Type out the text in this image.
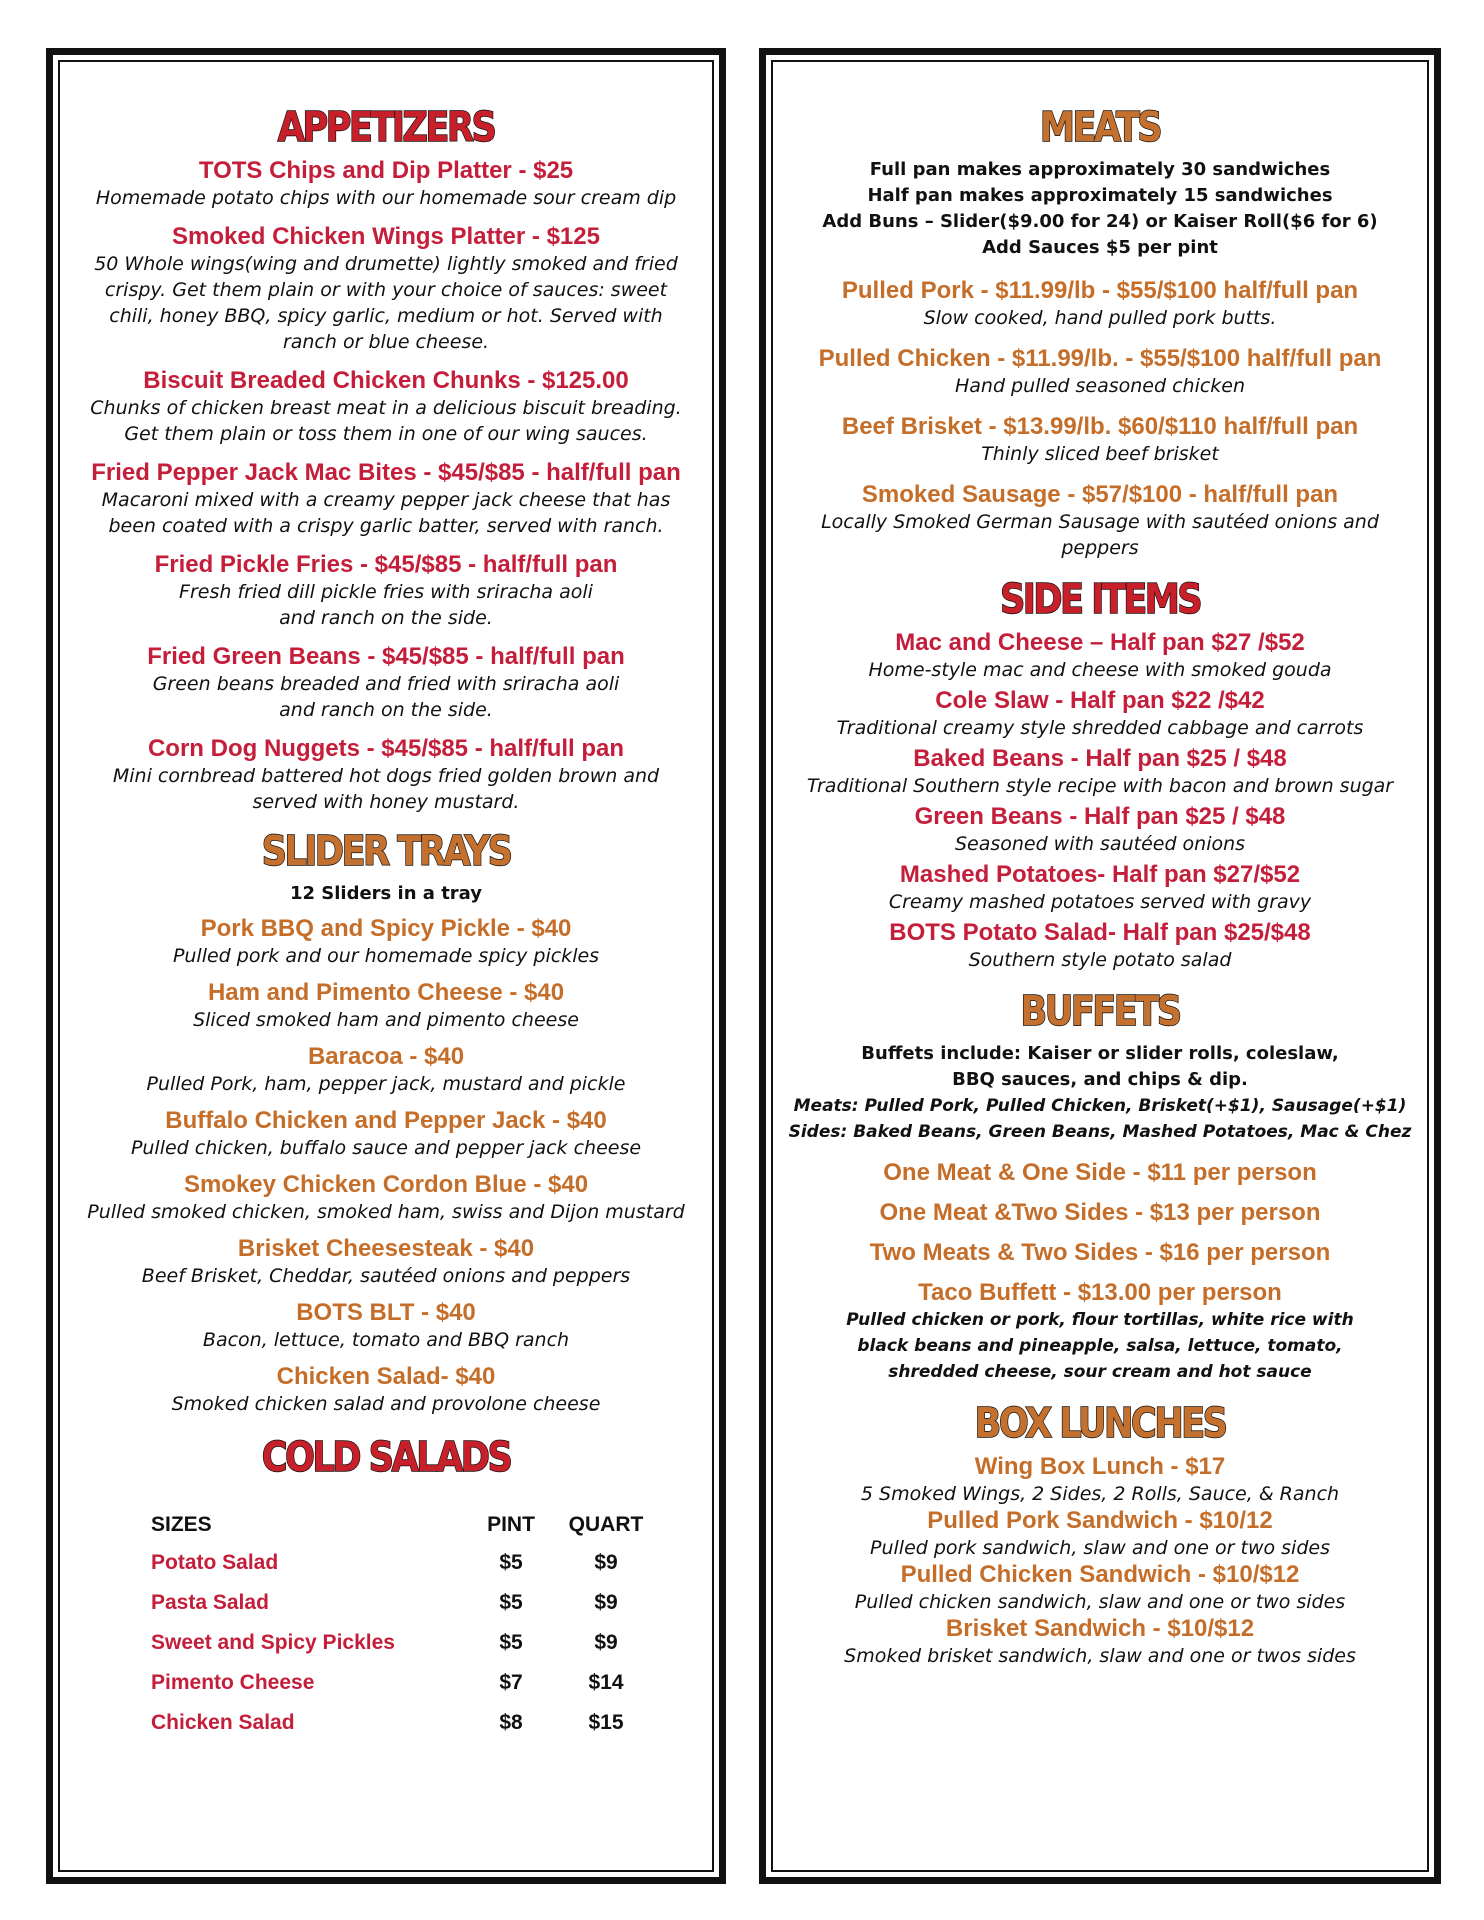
APPETIZERS
TOTS Chips and Dip Platter - $25
Homemade potato chips with our homemade sour cream dip
Smoked Chicken Wings Platter - $125
50 Whole wings(wing and drumette) lightly smoked and fried
crispy. Get them plain or with your choice of sauces: sweet
chili, honey BBQ, spicy garlic, medium or hot. Served with
ranch or blue cheese.
Biscuit Breaded Chicken Chunks - $125.00
Chunks of chicken breast meat in a delicious biscuit breading.
Get them plain or toss them in one of our wing sauces.
Fried Pepper Jack Mac Bites - $45/$85 - half/full pan
Macaroni mixed with a creamy pepper jack cheese that has
been coated with a crispy garlic batter, served with ranch.
Fried Pickle Fries - $45/$85 - half/full pan
Fresh fried dill pickle fries with sriracha aoli
and ranch on the side.
Fried Green Beans - $45/$85 - half/full pan
Green beans breaded and fried with sriracha aoli
and ranch on the side.
Corn Dog Nuggets - $45/$85 - half/full pan
Mini cornbread battered hot dogs fried golden brown and
served with honey mustard.
SLIDER TRAYS
12 Sliders in a tray
Pork BBQ and Spicy Pickle - $40
Pulled pork and our homemade spicy pickles
Ham and Pimento Cheese - $40
Sliced smoked ham and pimento cheese
Baracoa - $40
Pulled Pork, ham, pepper jack, mustard and pickle
Buffalo Chicken and Pepper Jack - $40
Pulled chicken, buffalo sauce and pepper jack cheese
Smokey Chicken Cordon Blue - $40
Pulled smoked chicken, smoked ham, swiss and Dijon mustard
Brisket Cheesesteak - $40
Beef Brisket, Cheddar, sautéed onions and peppers
BOTS BLT - $40
Bacon, lettuce, tomato and BBQ ranch
Chicken Salad- $40
Smoked chicken salad and provolone cheese
COLD SALADS
SIZES	PINT	QUART
Potato Salad	$5	$9
Pasta Salad	$5	$9
Sweet and Spicy Pickles	$5	$9
Pimento Cheese	$7	$14
Chicken Salad	$8	$15
MEATS
Full pan makes approximately 30 sandwiches
Half pan makes approximately 15 sandwiches
Add Buns – Slider($9.00 for 24) or Kaiser Roll($6 for 6)
Add Sauces $5 per pint
Pulled Pork - $11.99/lb - $55/$100 half/full pan
Slow cooked, hand pulled pork butts.
Pulled Chicken - $11.99/lb. - $55/$100 half/full pan
Hand pulled seasoned chicken
Beef Brisket - $13.99/lb. $60/$110 half/full pan
Thinly sliced beef brisket
Smoked Sausage - $57/$100 - half/full pan
Locally Smoked German Sausage with sautéed onions and
peppers
SIDE ITEMS
Mac and Cheese – Half pan $27 /$52
Home-style mac and cheese with smoked gouda
Cole Slaw - Half pan $22 /$42
Traditional creamy style shredded cabbage and carrots
Baked Beans - Half pan $25 / $48
Traditional Southern style recipe with bacon and brown sugar
Green Beans - Half pan $25 / $48
Seasoned with sautéed onions
Mashed Potatoes- Half pan $27/$52
Creamy mashed potatoes served with gravy
BOTS Potato Salad- Half pan $25/$48
Southern style potato salad
BUFFETS
Buffets include: Kaiser or slider rolls, coleslaw,
BBQ sauces, and chips & dip.
Meats: Pulled Pork, Pulled Chicken, Brisket(+$1), Sausage(+$1)
Sides: Baked Beans, Green Beans, Mashed Potatoes, Mac & Chez
One Meat & One Side - $11 per person
One Meat &Two Sides - $13 per person
Two Meats & Two Sides - $16 per person
Taco Buffett - $13.00 per person
Pulled chicken or pork, flour tortillas, white rice with
black beans and pineapple, salsa, lettuce, tomato,
shredded cheese, sour cream and hot sauce
BOX LUNCHES
Wing Box Lunch - $17
5 Smoked Wings, 2 Sides, 2 Rolls, Sauce, & Ranch
Pulled Pork Sandwich - $10/12
Pulled pork sandwich, slaw and one or two sides
Pulled Chicken Sandwich - $10/$12
Pulled chicken sandwich, slaw and one or two sides
Brisket Sandwich - $10/$12
Smoked brisket sandwich, slaw and one or twos sides
